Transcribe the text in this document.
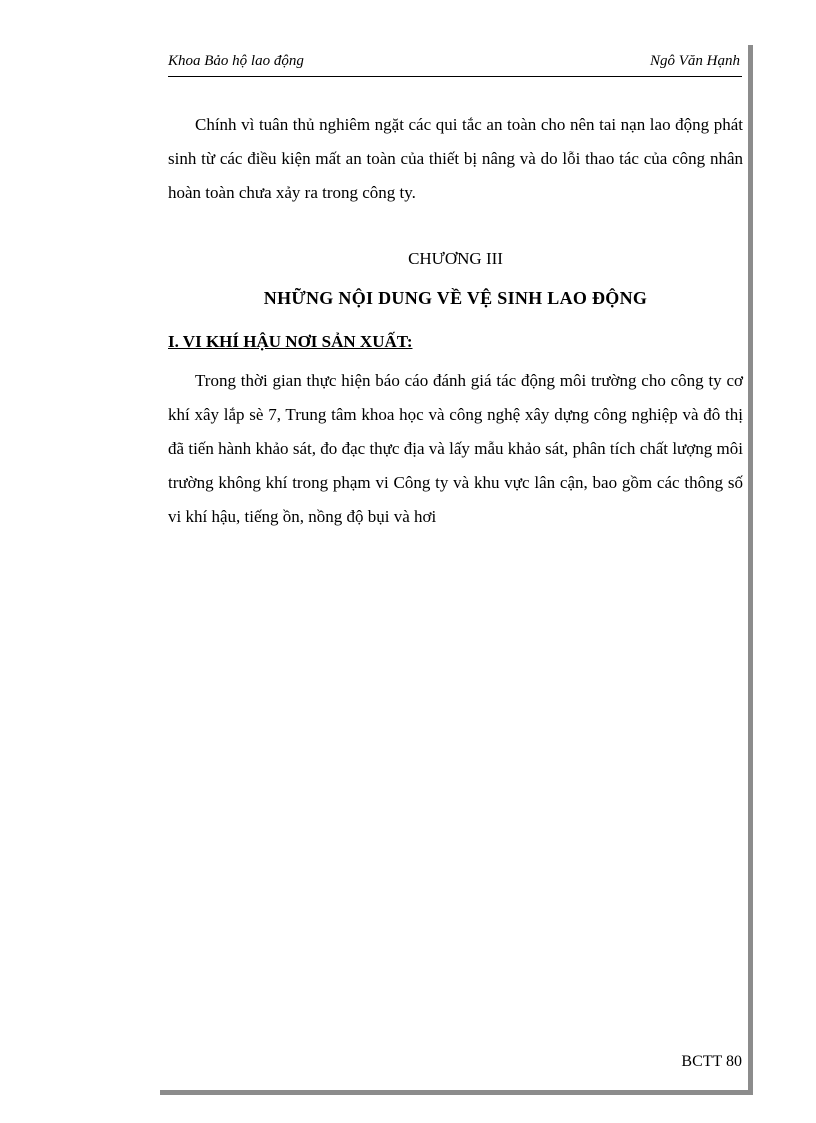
Khoa Bảo hộ lao động	Ngô Văn Hạnh

Chính vì tuân thủ nghiêm ngặt các qui tắc an toàn cho nên tai nạn lao động phát sinh từ các điều kiện mất an toàn của thiết bị nâng và do lỗi thao tác của công nhân hoàn toàn chưa xảy ra trong công ty.

CHƯƠNG III
NHỮNG NỘI DUNG VỀ VỆ SINH LAO ĐỘNG
I. VI KHÍ HẬU NƠI SẢN XUẤT:

Trong thời gian thực hiện báo cáo đánh giá tác động môi trường cho công ty cơ khí xây lắp sè 7, Trung tâm khoa học và công nghệ xây dựng công nghiệp và đô thị đã tiến hành khảo sát, đo đạc thực địa và lấy mẫu khảo sát, phân tích chất lượng môi trường không khí trong phạm vi Công ty và khu vực lân cận, bao gồm các thông số vi khí hậu, tiếng ồn, nồng độ bụi và hơi

BCTT 80
